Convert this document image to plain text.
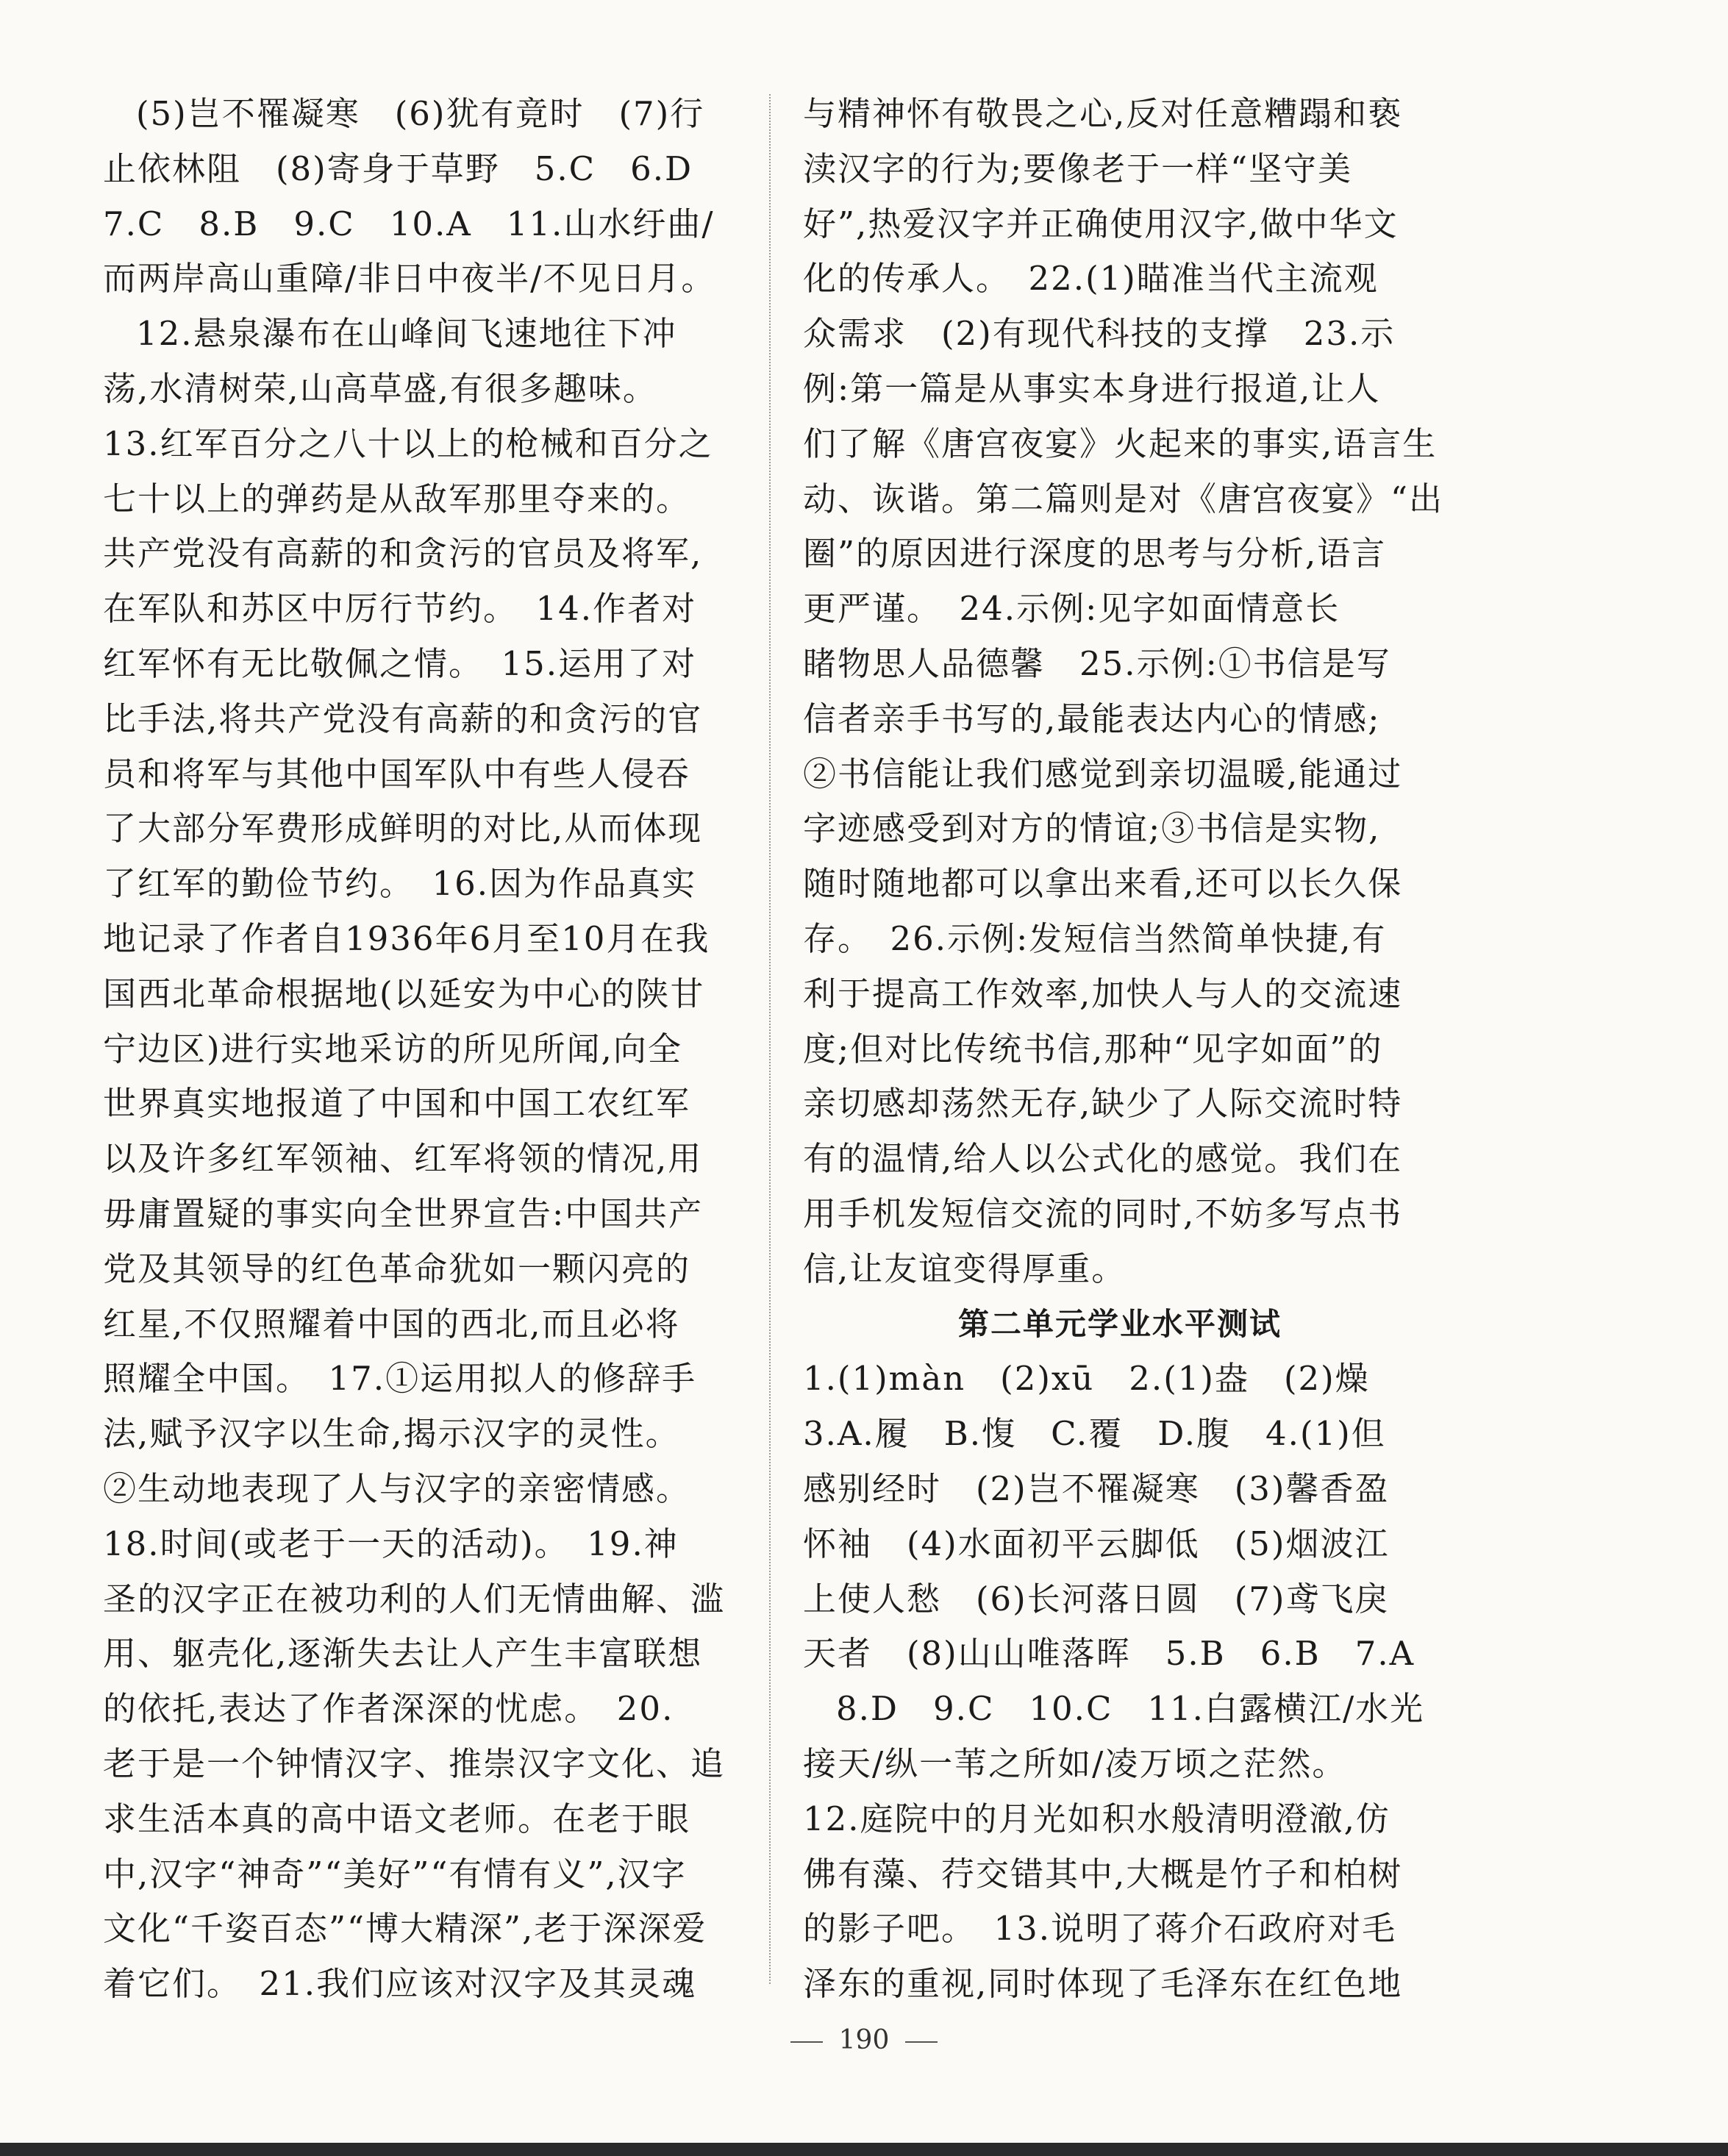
(5)岂不罹凝寒　(6)犹有竟时　(7)行
止依林阻　(8)寄身于草野　5.C　6.D
7.C　8.B　9.C　10.A　11.山水纡曲/
而两岸高山重障/非日中夜半/不见日月。
12.悬泉瀑布在山峰间飞速地往下冲
荡,水清树荣,山高草盛,有很多趣味。
13.红军百分之八十以上的枪械和百分之
七十以上的弹药是从敌军那里夺来的。
共产党没有高薪的和贪污的官员及将军,
在军队和苏区中厉行节约。　14.作者对
红军怀有无比敬佩之情。　15.运用了对
比手法,将共产党没有高薪的和贪污的官
员和将军与其他中国军队中有些人侵吞
了大部分军费形成鲜明的对比,从而体现
了红军的勤俭节约。　16.因为作品真实
地记录了作者自1936年6月至10月在我
国西北革命根据地(以延安为中心的陕甘
宁边区)进行实地采访的所见所闻,向全
世界真实地报道了中国和中国工农红军
以及许多红军领袖、红军将领的情况,用
毋庸置疑的事实向全世界宣告:中国共产
党及其领导的红色革命犹如一颗闪亮的
红星,不仅照耀着中国的西北,而且必将
照耀全中国。　17.①运用拟人的修辞手
法,赋予汉字以生命,揭示汉字的灵性。
②生动地表现了人与汉字的亲密情感。
18.时间(或老于一天的活动)。　19.神
圣的汉字正在被功利的人们无情曲解、滥
用、躯壳化,逐渐失去让人产生丰富联想
的依托,表达了作者深深的忧虑。　20.
老于是一个钟情汉字、推崇汉字文化、追
求生活本真的高中语文老师。在老于眼
中,汉字“神奇”“美好”“有情有义”,汉字
文化“千姿百态”“博大精深”,老于深深爱
着它们。　21.我们应该对汉字及其灵魂
与精神怀有敬畏之心,反对任意糟蹋和亵
渎汉字的行为;要像老于一样“坚守美
好”,热爱汉字并正确使用汉字,做中华文
化的传承人。　22.(1)瞄准当代主流观
众需求　(2)有现代科技的支撑　23.示
例:第一篇是从事实本身进行报道,让人
们了解《唐宫夜宴》火起来的事实,语言生
动、诙谐。第二篇则是对《唐宫夜宴》“出
圈”的原因进行深度的思考与分析,语言
更严谨。　24.示例:见字如面情意长
睹物思人品德馨　25.示例:①书信是写
信者亲手书写的,最能表达内心的情感;
②书信能让我们感觉到亲切温暖,能通过
字迹感受到对方的情谊;③书信是实物,
随时随地都可以拿出来看,还可以长久保
存。　26.示例:发短信当然简单快捷,有
利于提高工作效率,加快人与人的交流速
度;但对比传统书信,那种“见字如面”的
亲切感却荡然无存,缺少了人际交流时特
有的温情,给人以公式化的感觉。我们在
用手机发短信交流的同时,不妨多写点书
信,让友谊变得厚重。
第二单元学业水平测试
1.(1)màn　(2)xū　2.(1)盎　(2)燥
3.A.履　B.愎　C.覆　D.腹　4.(1)但
感别经时　(2)岂不罹凝寒　(3)馨香盈
怀袖　(4)水面初平云脚低　(5)烟波江
上使人愁　(6)长河落日圆　(7)鸢飞戾
天者　(8)山山唯落晖　5.B　6.B　7.A
8.D　9.C　10.C　11.白露横江/水光
接天/纵一苇之所如/凌万顷之茫然。
12.庭院中的月光如积水般清明澄澈,仿
佛有藻、荇交错其中,大概是竹子和柏树
的影子吧。　13.说明了蒋介石政府对毛
泽东的重视,同时体现了毛泽东在红色地
190
